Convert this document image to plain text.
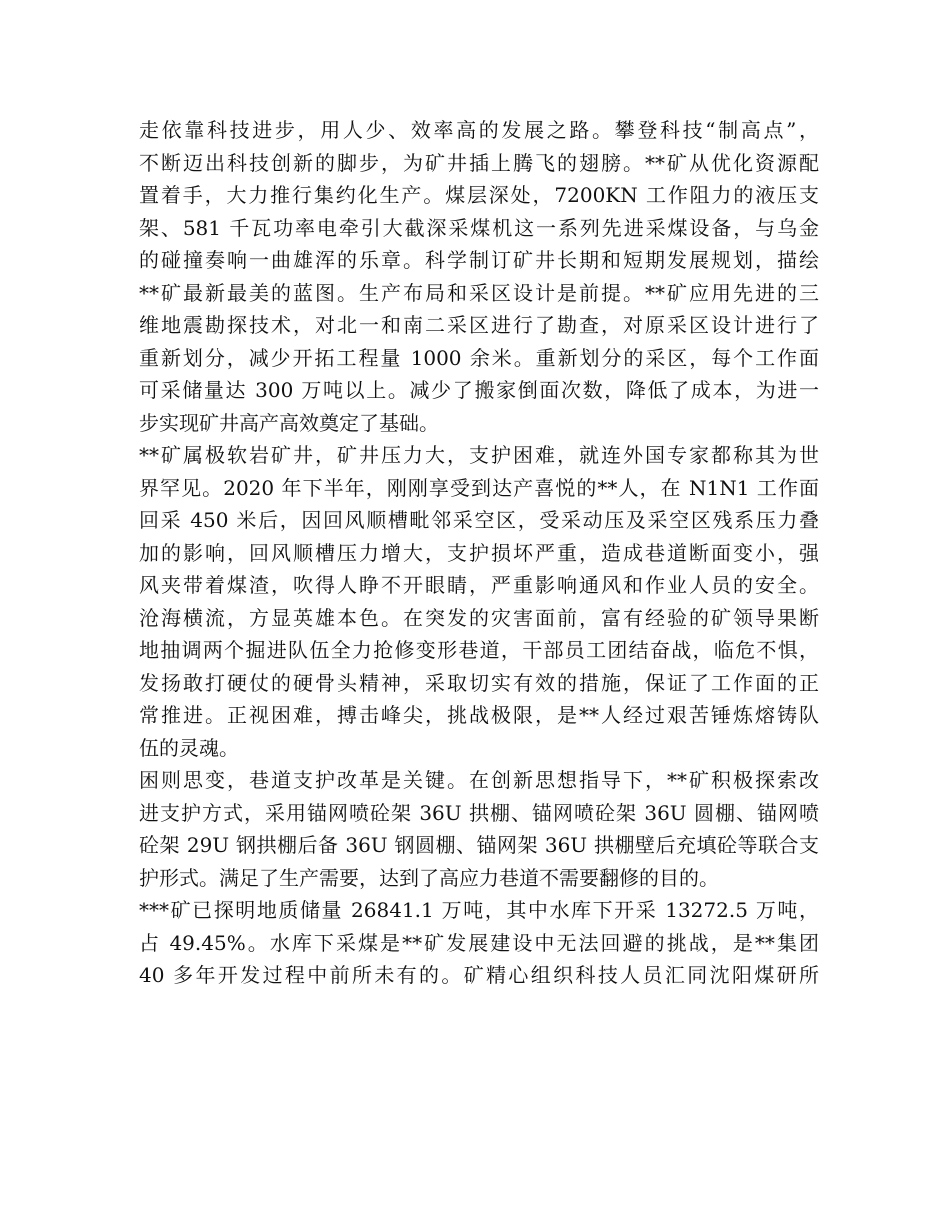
走依靠科技进步，用人少、效率高的发展之路。攀登科技“制高点”，
不断迈出科技创新的脚步，为矿井插上腾飞的翅膀。**矿从优化资源配
置着手，大力推行集约化生产。煤层深处，7200KN 工作阻力的液压支
架、581 千瓦功率电牵引大截深采煤机这一系列先进采煤设备，与乌金
的碰撞奏响一曲雄浑的乐章。科学制订矿井长期和短期发展规划，描绘
**矿最新最美的蓝图。生产布局和采区设计是前提。**矿应用先进的三
维地震勘探技术，对北一和南二采区进行了勘查，对原采区设计进行了
重新划分，减少开拓工程量 1000 余米。重新划分的采区，每个工作面
可采储量达 300 万吨以上。减少了搬家倒面次数，降低了成本，为进一
步实现矿井高产高效奠定了基础。
**矿属极软岩矿井，矿井压力大，支护困难，就连外国专家都称其为世
界罕见。2020 年下半年，刚刚享受到达产喜悦的**人，在 N1N1 工作面
回采 450 米后，因回风顺槽毗邻采空区，受采动压及采空区残系压力叠
加的影响，回风顺槽压力增大，支护损坏严重，造成巷道断面变小，强
风夹带着煤渣，吹得人睁不开眼睛，严重影响通风和作业人员的安全。
沧海横流，方显英雄本色。在突发的灾害面前，富有经验的矿领导果断
地抽调两个掘进队伍全力抢修变形巷道，干部员工团结奋战，临危不惧，
发扬敢打硬仗的硬骨头精神，采取切实有效的措施，保证了工作面的正
常推进。正视困难，搏击峰尖，挑战极限，是**人经过艰苦锤炼熔铸队
伍的灵魂。
困则思变，巷道支护改革是关键。在创新思想指导下，**矿积极探索改
进支护方式，采用锚网喷砼架 36U 拱棚、锚网喷砼架 36U 圆棚、锚网喷
砼架 29U 钢拱棚后备 36U 钢圆棚、锚网架 36U 拱棚壁后充填砼等联合支
护形式。满足了生产需要，达到了高应力巷道不需要翻修的目的。
***矿已探明地质储量 26841.1 万吨，其中水库下开采 13272.5 万吨，
占 49.45%。水库下采煤是**矿发展建设中无法回避的挑战，是**集团
40 多年开发过程中前所未有的。矿精心组织科技人员汇同沈阳煤研所
